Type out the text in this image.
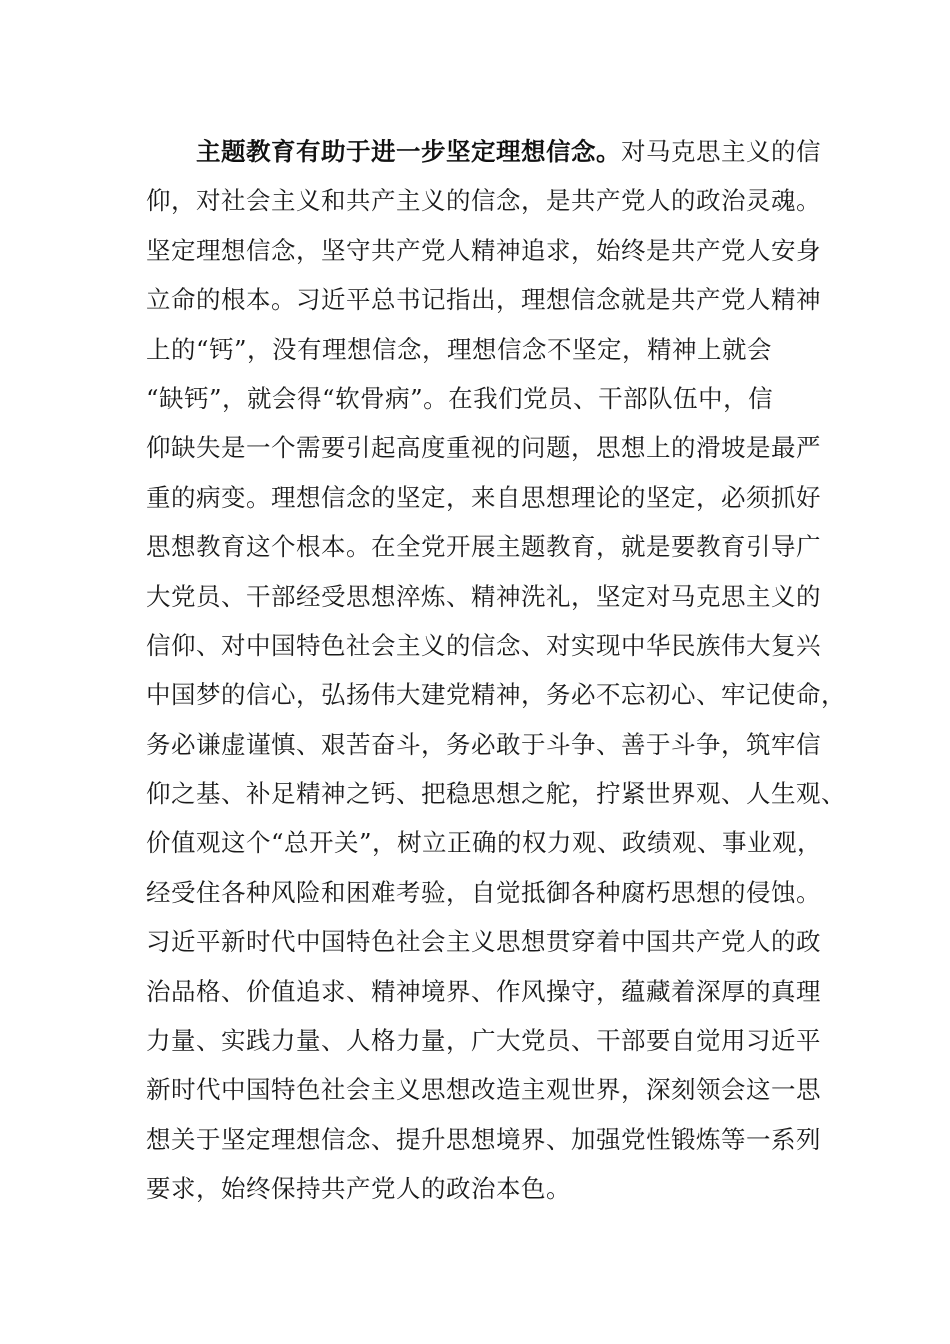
主题教育有助于进一步坚定理想信念。对马克思主义的信
仰，对社会主义和共产主义的信念，是共产党人的政治灵魂。
坚定理想信念，坚守共产党人精神追求，始终是共产党人安身
立命的根本。习近平总书记指出，理想信念就是共产党人精神
上的“钙”，没有理想信念，理想信念不坚定，精神上就会
“缺钙”，就会得“软骨病”。在我们党员、干部队伍中，信
仰缺失是一个需要引起高度重视的问题，思想上的滑坡是最严
重的病变。理想信念的坚定，来自思想理论的坚定，必须抓好
思想教育这个根本。在全党开展主题教育，就是要教育引导广
大党员、干部经受思想淬炼、精神洗礼，坚定对马克思主义的
信仰、对中国特色社会主义的信念、对实现中华民族伟大复兴
中国梦的信心，弘扬伟大建党精神，务必不忘初心、牢记使命，
务必谦虚谨慎、艰苦奋斗，务必敢于斗争、善于斗争，筑牢信
仰之基、补足精神之钙、把稳思想之舵，拧紧世界观、人生观、
价值观这个“总开关”，树立正确的权力观、政绩观、事业观，
经受住各种风险和困难考验，自觉抵御各种腐朽思想的侵蚀。
习近平新时代中国特色社会主义思想贯穿着中国共产党人的政
治品格、价值追求、精神境界、作风操守，蕴藏着深厚的真理
力量、实践力量、人格力量，广大党员、干部要自觉用习近平
新时代中国特色社会主义思想改造主观世界，深刻领会这一思
想关于坚定理想信念、提升思想境界、加强党性锻炼等一系列
要求，始终保持共产党人的政治本色。
